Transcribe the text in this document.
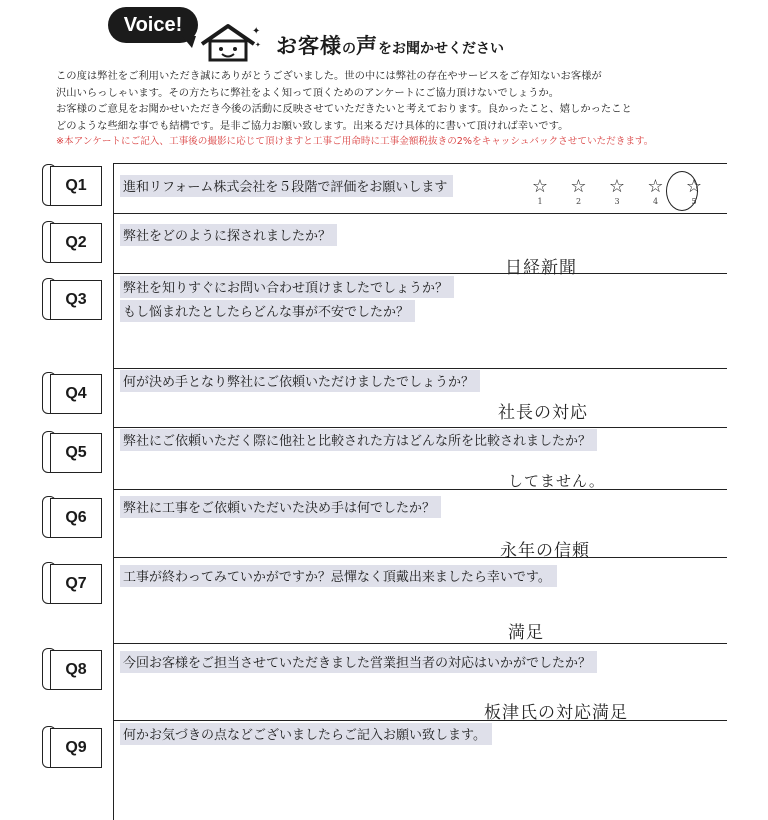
Voice!	✦
✦ お客様の声をお聞かせください

この度は弊社をご利用いただき誠にありがとうございました。世の中には弊社の存在やサービスをご存知ないお客様が

沢山いらっしゃいます。その方たちに弊社をよく知って頂くためのアンケートにご協力頂けないでしょうか。

お客様のご意見をお聞かせいただき今後の活動に反映させていただきたいと考えております。良かったこと、嬉しかったこと

どのような些細な事でも結構です。是非ご協力お願い致します。出来るだけ具体的に書いて頂ければ幸いです。

※本アンケートにご記入、工事後の撮影に応じて頂けますと工事ご用命時に工事金額税抜きの2%をキャッシュバックさせていただきます。

Q1
Q2
Q3
Q4
Q5
Q6
Q7
Q8
Q9
進和リフォーム株式会社を５段階で評価をお願いします
弊社をどのように探されましたか？
弊社を知りすぐにお問い合わせ頂けましたでしょうか？
もし悩まれたとしたらどんな事が不安でしたか？
何が決め手となり弊社にご依頼いただけましたでしょうか？
弊社にご依頼いただく際に他社と比較された方はどんな所を比較されましたか？
弊社に工事をご依頼いただいた決め手は何でしたか？
工事が終わってみていかがですか？忌憚なく頂戴出来ましたら幸いです。
今回お客様をご担当させていただきました営業担当者の対応はいかがでしたか？
何かお気づきの点などございましたらご記入お願い致します。
☆
1
☆
2
☆
3
☆
4
☆
5
日経新聞
社長の対応
してません。
永年の信頼
満足
板津氏の対応満足
